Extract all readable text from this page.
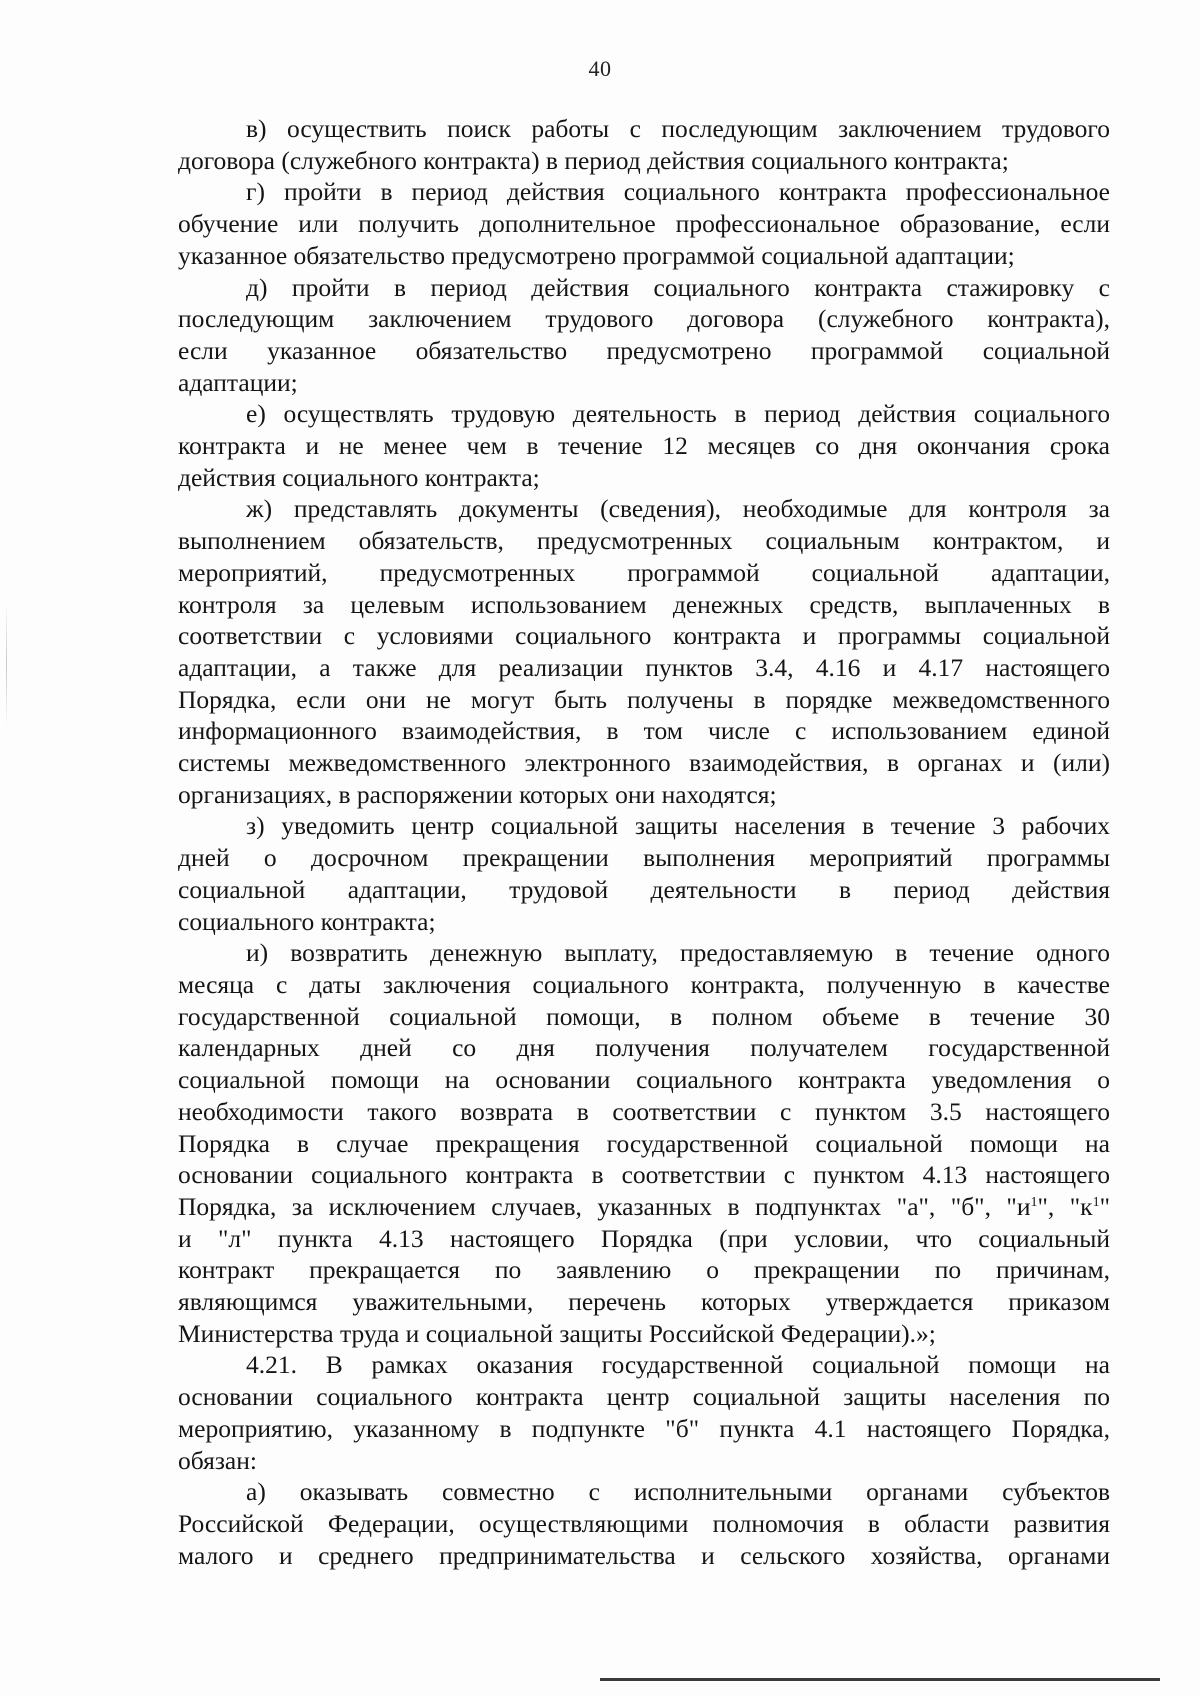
40

в) осуществить поиск работы с последующим заключением трудового
договора (служебного контракта) в период действия социального контракта;

г) пройти в период действия социального контракта профессиональное
обучение или получить дополнительное профессиональное образование, если
указанное обязательство предусмотрено программой социальной адаптации;

д) пройти в период действия социального контракта стажировку с
последующим заключением трудового договора (служебного контракта),
если указанное обязательство предусмотрено программой социальной
адаптации;

е) осуществлять трудовую деятельность в период действия социального
контракта и не менее чем в течение 12 месяцев со дня окончания срока
действия социального контракта;

ж) представлять документы (сведения), необходимые для контроля за
выполнением обязательств, предусмотренных социальным контрактом, и
мероприятий, предусмотренных программой социальной адаптации,
контроля за целевым использованием денежных средств, выплаченных в
соответствии с условиями социального контракта и программы социальной
адаптации, а также для реализации пунктов 3.4, 4.16 и 4.17 настоящего
Порядка, если они не могут быть получены в порядке межведомственного
информационного взаимодействия, в том числе с использованием единой
системы межведомственного электронного взаимодействия, в органах и (или)
организациях, в распоряжении которых они находятся;

з) уведомить центр социальной защиты населения в течение 3 рабочих
дней о досрочном прекращении выполнения мероприятий программы
социальной адаптации, трудовой деятельности в период действия
социального контракта;

и) возвратить денежную выплату, предоставляемую в течение одного
месяца с даты заключения социального контракта, полученную в качестве
государственной социальной помощи, в полном объеме в течение 30
календарных дней со дня получения получателем государственной
социальной помощи на основании социального контракта уведомления о
необходимости такого возврата в соответствии с пунктом 3.5 настоящего
Порядка в случае прекращения государственной социальной помощи на
основании социального контракта в соответствии с пунктом 4.13 настоящего
Порядка, за исключением случаев, указанных в подпунктах "а", "б", "$и^1$", "$к^1$"
и "л" пункта 4.13 настоящего Порядка (при условии, что социальный
контракт прекращается по заявлению о прекращении по причинам,
являющимся уважительными, перечень которых утверждается приказом
Министерства труда и социальной защиты Российской Федерации).»;

4.21. В рамках оказания государственной социальной помощи на
основании социального контракта центр социальной защиты населения по
мероприятию, указанному в подпункте "б" пункта 4.1 настоящего Порядка,
обязан:

а) оказывать совместно с исполнительными органами субъектов
Российской Федерации, осуществляющими полномочия в области развития
малого и среднего предпринимательства и сельского хозяйства, органами
